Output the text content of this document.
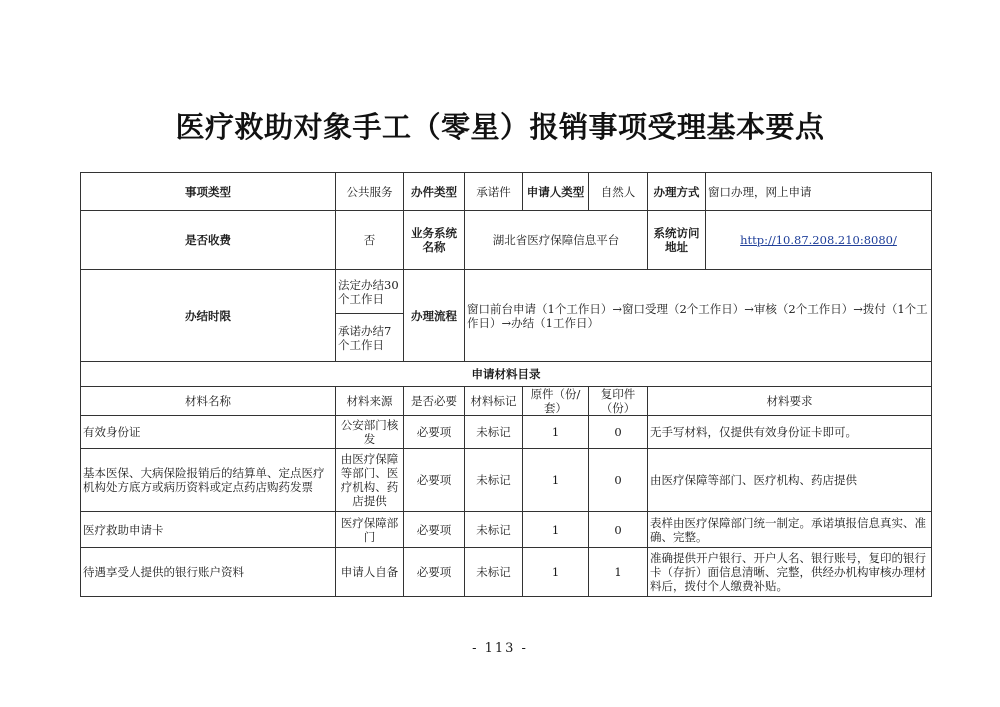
医疗救助对象手工（零星）报销事项受理基本要点
事项类型	公共服务	办件类型	承诺件	申请人类型	自然人	办理方式	窗口办理，网上申请
是否收费	否	业务系统名称	湖北省医疗保障信息平台			系统访问地址	http://10.87.208.210:8080/
办结时限	法定办结30个工作日	办理流程	窗口前台申请（1个工作日）→窗口受理（2个工作日）→审核（2个工作日）→拨付（1个工作日）→办结（1工作日）				
	承诺办结7个工作日						
申请材料目录							
材料名称	材料来源	是否必要	材料标记	原件（份/套）	复印件（份）	材料要求	
有效身份证	公安部门核发	必要项	未标记	1	0	无手写材料，仅提供有效身份证卡即可。	
基本医保、大病保险报销后的结算单、定点医疗机构处方底方或病历资料或定点药店购药发票	由医疗保障等部门、医疗机构、药店提供	必要项	未标记	1	0	由医疗保障等部门、医疗机构、药店提供	
医疗救助申请卡	医疗保障部门	必要项	未标记	1	0	表样由医疗保障部门统一制定。承诺填报信息真实、准确、完整。	
待遇享受人提供的银行账户资料	申请人自备	必要项	未标记	1	1	准确提供开户银行、开户人名、银行账号，复印的银行卡（存折）面信息清晰、完整，供经办机构审核办理材料后，拨付个人缴费补贴。	
- 113 -
